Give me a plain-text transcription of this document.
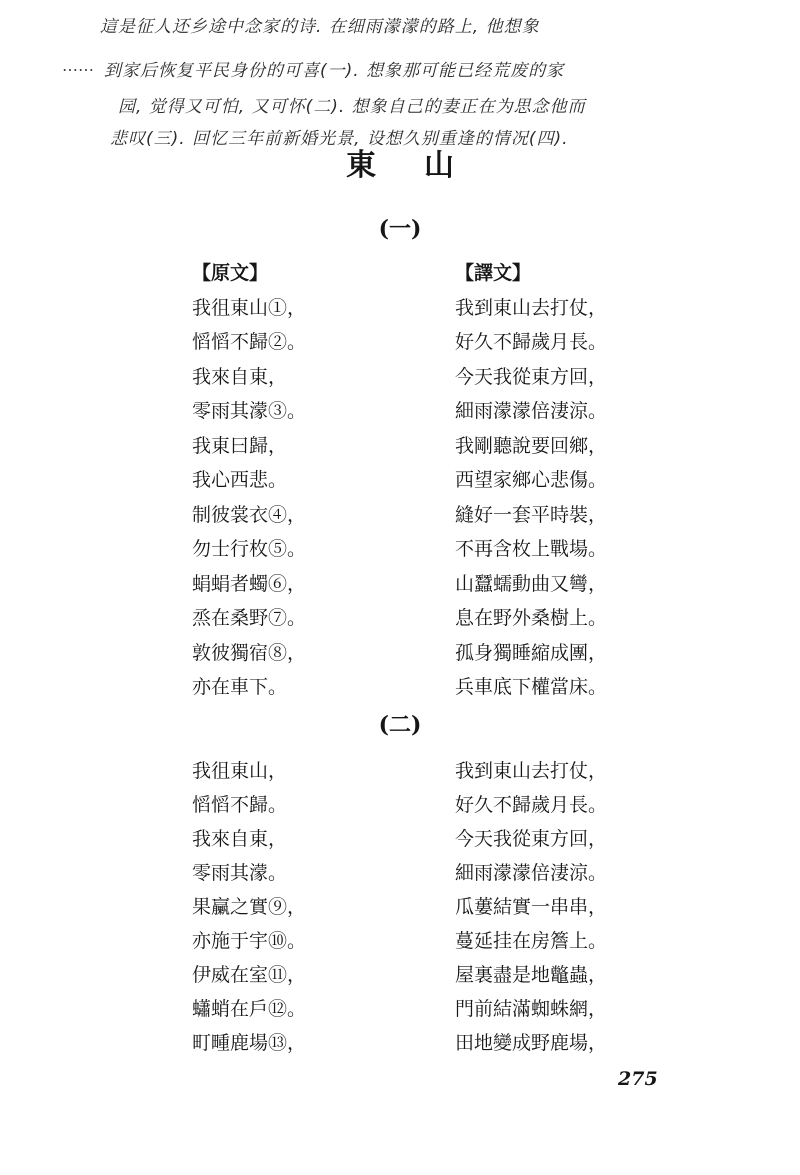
這是征人还乡途中念家的诗. 在细雨濛濛的路上, 他想象
…… 到家后恢复平民身份的可喜(一). 想象那可能已经荒废的家
园, 觉得又可怕, 又可怀(二). 想象自己的妻正在为思念他而
悲叹(三). 回忆三年前新婚光景, 设想久别重逢的情况(四).
東山
(一)
【原文】
我徂東山①，
慆慆不歸②。
我來自東，
零雨其濛③。
我東曰歸，
我心西悲。
制彼裳衣④，
勿士行枚⑤。
蜎蜎者蠋⑥，
烝在桑野⑦。
敦彼獨宿⑧，
亦在車下。
【譯文】
我到東山去打仗，
好久不歸歲月長。
今天我從東方回，
細雨濛濛倍淒涼。
我剛聽說要回鄉，
西望家鄉心悲傷。
縫好一套平時裝，
不再含枚上戰場。
山蠶蠕動曲又彎，
息在野外桑樹上。
孤身獨睡縮成團，
兵車底下權當床。
(二)
我徂東山，
慆慆不歸。
我來自東，
零雨其濛。
果臝之實⑨，
亦施于宇⑩。
伊威在室⑪，
蠨蛸在戶⑫。
町畽鹿場⑬，
我到東山去打仗，
好久不歸歲月長。
今天我從東方回，
細雨濛濛倍淒涼。
瓜蔞結實一串串，
蔓延挂在房簷上。
屋裏盡是地鼈蟲，
門前結滿蜘蛛網，
田地變成野鹿場，
275
